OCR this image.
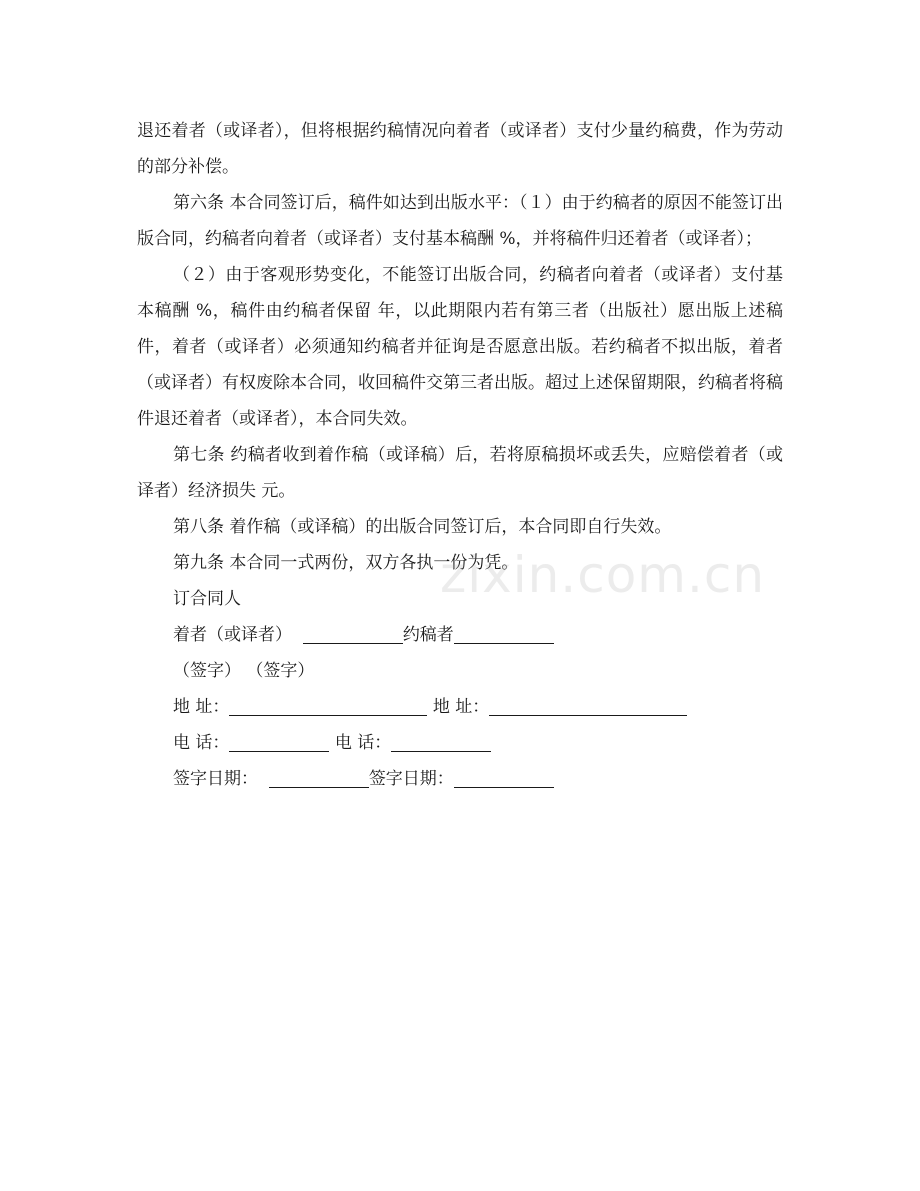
退还着者（或译者），但将根据约稿情况向着者（或译者）支付少量约稿费，作为劳动的部分补偿。

第六条 本合同签订后，稿件如达到出版水平：（１）由于约稿者的原因不能签订出版合同，约稿者向着者（或译者）支付基本稿酬 %，并将稿件归还着者（或译者）；

（２）由于客观形势变化，不能签订出版合同，约稿者向着者（或译者）支付基本稿酬 %，稿件由约稿者保留 年，以此期限内若有第三者（出版社）愿出版上述稿件，着者（或译者）必须通知约稿者并征询是否愿意出版。若约稿者不拟出版，着者（或译者）有权废除本合同，收回稿件交第三者出版。超过上述保留期限，约稿者将稿件退还着者（或译者），本合同失效。

第七条 约稿者收到着作稿（或译稿）后，若将原稿损坏或丢失，应赔偿着者（或译者）经济损失 元。

第八条 着作稿（或译稿）的出版合同签订后，本合同即自行失效。

第九条 本合同一式两份，双方各执一份为凭。

订合同人

着者（或译者）	约稿者

（签字） （签字）

地 址：	地 址：

电 话：	电 话：

签字日期：	签字日期：

zixin.com.cn
